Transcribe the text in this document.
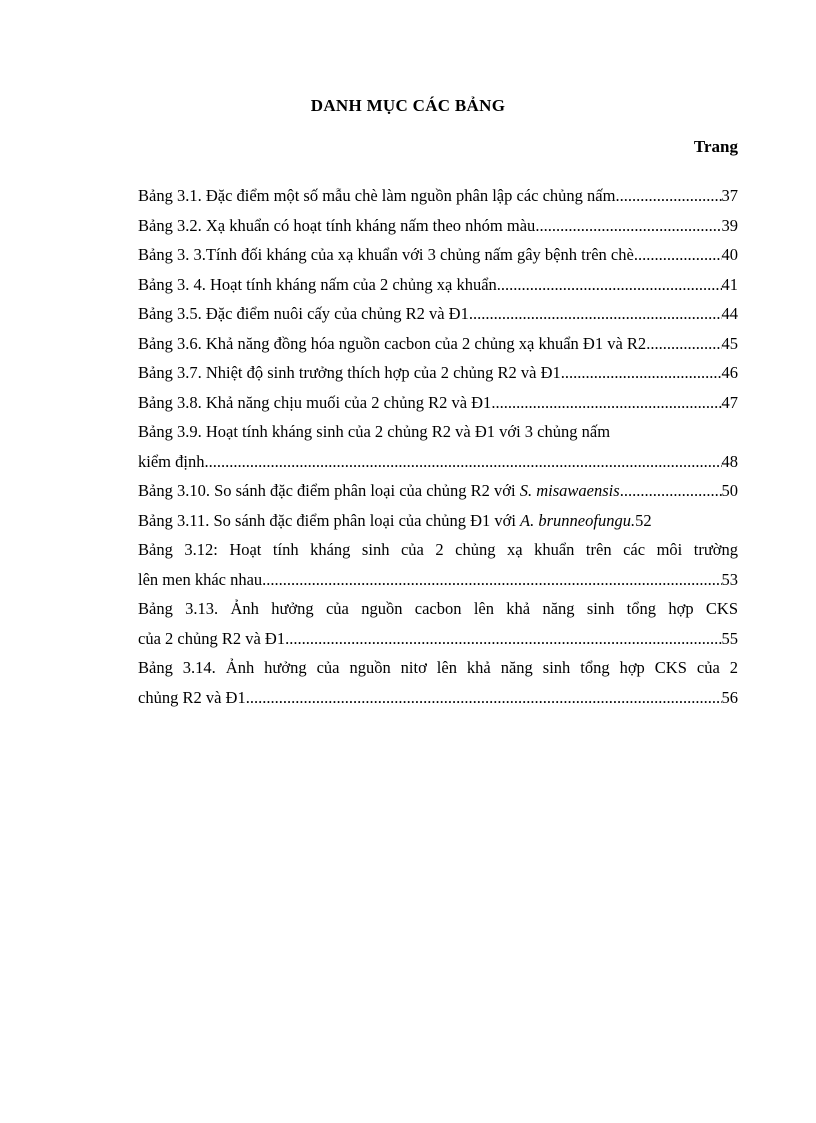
DANH MỤC CÁC BẢNG
Trang
Bảng 3.1. Đặc điểm một số mẫu chè làm nguồn phân lập các chủng nấm .....	37
Bảng 3.2. Xạ khuẩn có hoạt tính kháng nấm theo nhóm màu .....	39
Bảng 3. 3.Tính đối kháng của xạ khuẩn với 3 chủng nấm gây bệnh trên chè .....	40
Bảng 3. 4. Hoạt tính kháng nấm của 2 chủng xạ khuẩn .....	41
Bảng 3.5. Đặc điểm nuôi cấy của chủng R2 và Đ1 .....	44
Bảng 3.6. Khả năng đồng hóa nguồn cacbon của 2 chủng xạ khuẩn Đ1 và R2 .....	45
Bảng 3.7. Nhiệt độ sinh trưởng thích hợp của 2 chủng R2 và Đ1 .....	46
Bảng 3.8. Khả năng chịu muối của 2 chủng R2 và Đ1 .....	47
Bảng 3.9. Hoạt tính kháng sinh của 2 chủng R2 và Đ1 với 3 chủng nấm
kiểm định .....	48
Bảng 3.10. So sánh đặc điểm phân loại của chủng R2 với S. misawaensis .....	50
Bảng 3.11. So sánh đặc điểm phân loại của chủng Đ1 với A. brunneofungu. 52
Bảng 3.12: Hoạt tính kháng sinh của 2 chủng xạ khuẩn trên các môi trường
lên men khác nhau .....	53
Bảng 3.13. Ảnh hưởng của nguồn cacbon lên khả năng sinh tổng hợp CKS
của 2 chủng R2 và Đ1 .....	55
Bảng 3.14. Ảnh hưởng của nguồn nitơ lên khả năng sinh tổng hợp CKS của 2
chủng R2 và Đ1 .....	56
